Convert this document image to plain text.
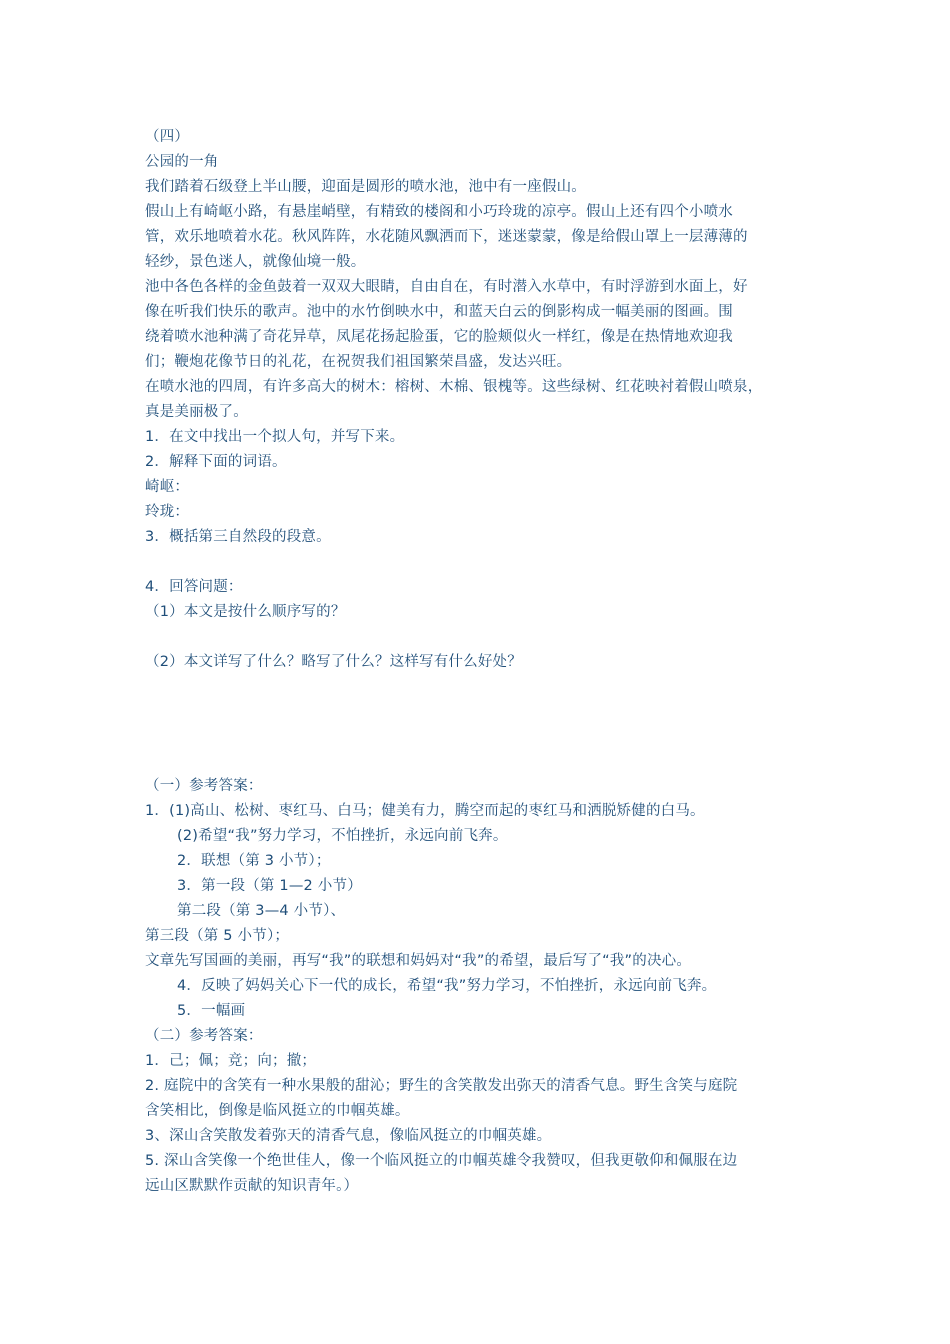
（四）
公园的一角
我们踏着石级登上半山腰，迎面是圆形的喷水池，池中有一座假山。
假山上有崎岖小路，有悬崖峭壁，有精致的楼阁和小巧玲珑的凉亭。假山上还有四个小喷水
管，欢乐地喷着水花。秋风阵阵，水花随风飘洒而下，迷迷蒙蒙，像是给假山罩上一层薄薄的
轻纱，景色迷人，就像仙境一般。
池中各色各样的金鱼鼓着一双双大眼睛，自由自在，有时潜入水草中，有时浮游到水面上，好
像在听我们快乐的歌声。池中的水竹倒映水中，和蓝天白云的倒影构成一幅美丽的图画。围
绕着喷水池种满了奇花异草，凤尾花扬起脸蛋，它的脸颊似火一样红，像是在热情地欢迎我
们；鞭炮花像节日的礼花，在祝贺我们祖国繁荣昌盛，发达兴旺。
在喷水池的四周，有许多高大的树木：榕树、木棉、银槐等。这些绿树、红花映衬着假山喷泉，
真是美丽极了。
1．在文中找出一个拟人句，并写下来。
2．解释下面的词语。
崎岖：
玲珑：
3．概括第三自然段的段意。
4．回答问题：
（1）本文是按什么顺序写的？
（2）本文详写了什么？略写了什么？这样写有什么好处？
（一）参考答案：
1．(1)高山、松树、枣红马、白马；健美有力，腾空而起的枣红马和洒脱矫健的白马。
(2)希望“我”努力学习，不怕挫折，永远向前飞奔。
2．联想（第 3 小节）；
3．第一段（第 1—2 小节）
第二段（第 3—4 小节）、
第三段（第 5 小节）；
文章先写国画的美丽，再写“我”的联想和妈妈对“我”的希望，最后写了“我”的决心。
4．反映了妈妈关心下一代的成长，希望“我”努力学习，不怕挫折，永远向前飞奔。
5．一幅画
（二）参考答案：
1．己；佩；竞；向；撤；
2. 庭院中的含笑有一种水果般的甜沁；野生的含笑散发出弥天的清香气息。野生含笑与庭院
含笑相比，倒像是临风挺立的巾帼英雄。
3、深山含笑散发着弥天的清香气息，像临风挺立的巾帼英雄。
5. 深山含笑像一个绝世佳人，像一个临风挺立的巾帼英雄令我赞叹，但我更敬仰和佩服在边
远山区默默作贡献的知识青年。）
